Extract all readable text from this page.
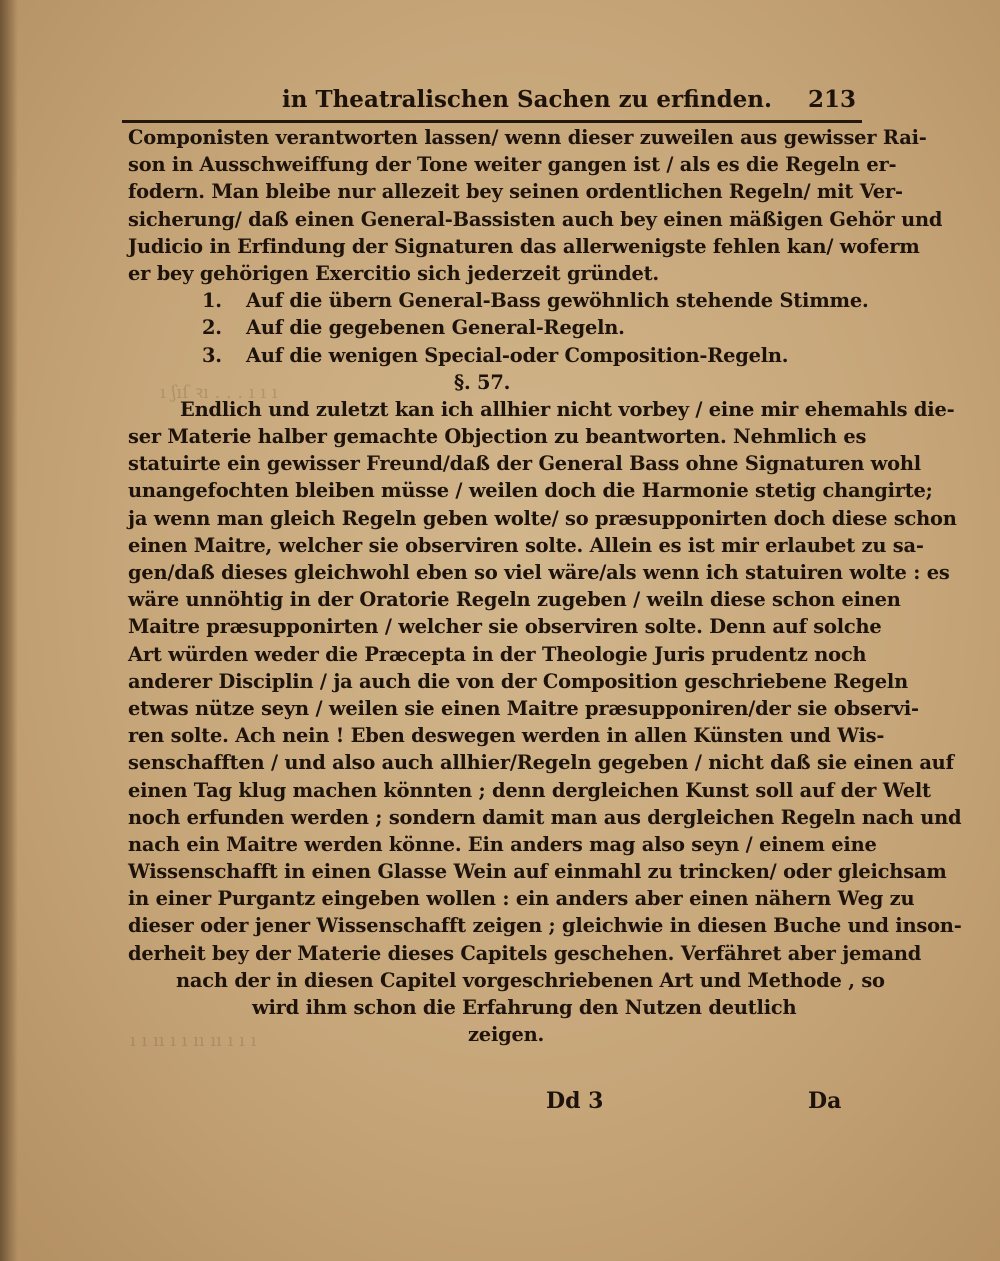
ı ʃıſ ꝛı . . . ı ı ı
ı ı ıı ı ı ıı ıı ı ı ı
in Theatralischen Sachen zu erfinden. 213
Componisten verantworten lassen/ wenn dieser zuweilen aus gewisser Rai-
son in Ausschweiffung der Tone weiter gangen ist / als es die Regeln er-
fodern. Man bleibe nur allezeit bey seinen ordentlichen Regeln/ mit Ver-
sicherung/ daß einen General-Bassisten auch bey einen mäßigen Gehör und
Judicio in Erfindung der Signaturen das allerwenigste fehlen kan/ woferm
er bey gehörigen Exercitio sich jederzeit gründet.
1. Auf die übern General-Bass gewöhnlich stehende Stimme.
2. Auf die gegebenen General-Regeln.
3. Auf die wenigen Special-oder Composition-Regeln.
§. 57.
Endlich und zuletzt kan ich allhier nicht vorbey / eine mir ehemahls die-
ser Materie halber gemachte Objection zu beantworten. Nehmlich es
statuirte ein gewisser Freund/daß der General Bass ohne Signaturen wohl
unangefochten bleiben müsse / weilen doch die Harmonie stetig changirte;
ja wenn man gleich Regeln geben wolte/ so præsupponirten doch diese schon
einen Maitre, welcher sie observiren solte. Allein es ist mir erlaubet zu sa-
gen/daß dieses gleichwohl eben so viel wäre/als wenn ich statuiren wolte : es
wäre unnöhtig in der Oratorie Regeln zugeben / weiln diese schon einen
Maitre præsupponirten / welcher sie observiren solte. Denn auf solche
Art würden weder die Præcepta in der Theologie Juris prudentz noch
anderer Disciplin / ja auch die von der Composition geschriebene Regeln
etwas nütze seyn / weilen sie einen Maitre præsupponiren/der sie observi-
ren solte. Ach nein ! Eben deswegen werden in allen Künsten und Wis-
senschafften / und also auch allhier/Regeln gegeben / nicht daß sie einen auf
einen Tag klug machen könnten ; denn dergleichen Kunst soll auf der Welt
noch erfunden werden ; sondern damit man aus dergleichen Regeln nach und
nach ein Maitre werden könne. Ein anders mag also seyn / einem eine
Wissenschafft in einen Glasse Wein auf einmahl zu trincken/ oder gleichsam
in einer Purgantz eingeben wollen : ein anders aber einen nähern Weg zu
dieser oder jener Wissenschafft zeigen ; gleichwie in diesen Buche und inson-
derheit bey der Materie dieses Capitels geschehen. Verfähret aber jemand
nach der in diesen Capitel vorgeschriebenen Art und Methode , so
wird ihm schon die Erfahrung den Nutzen deutlich
zeigen.
Dd 3	Da
